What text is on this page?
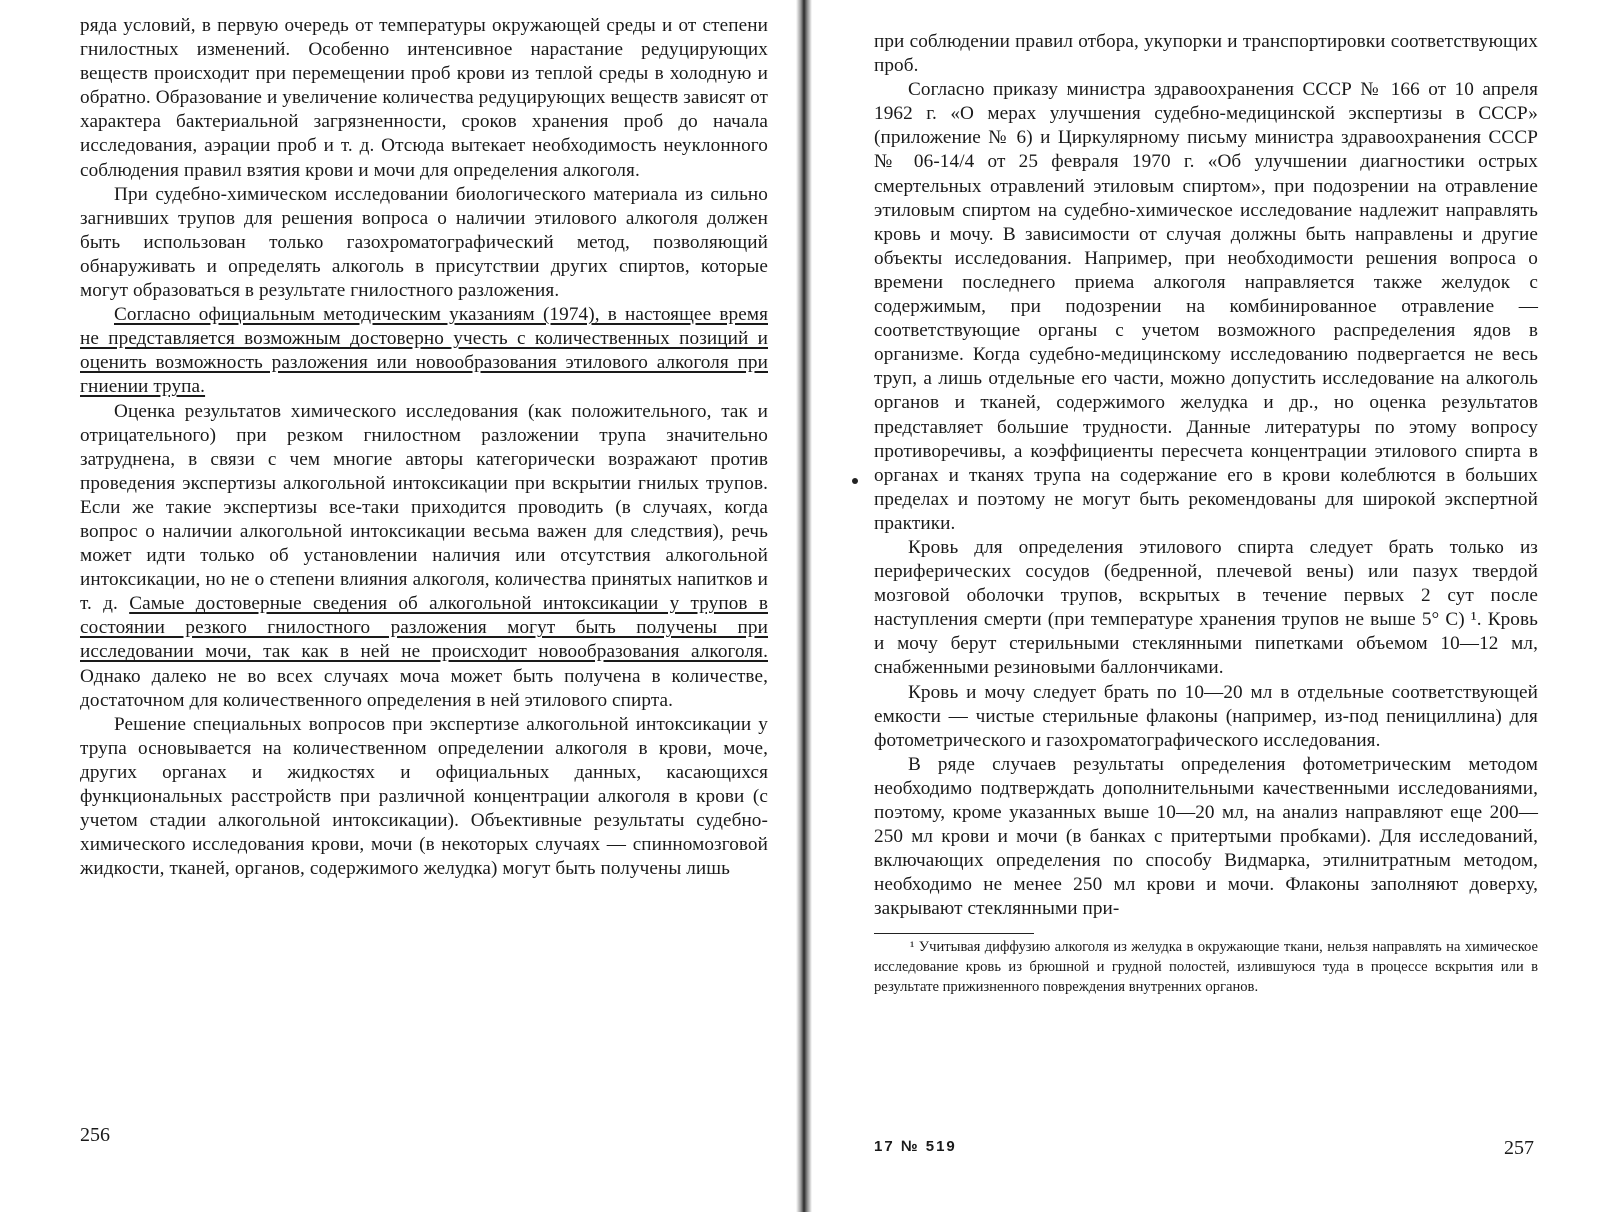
ряда условий, в первую очередь от температуры окружающей среды и от степени гнилостных изменений. Особенно интенсивное нарастание редуцирующих веществ происходит при перемещении проб крови из теплой среды в холодную и обратно. Образование и увеличение количества редуцирующих веществ зависят от характера бактериальной загрязненности, сроков хранения проб до начала исследования, аэрации проб и т. д. Отсюда вытекает необходимость неуклонного соблюдения правил взятия крови и мочи для определения алкоголя.

При судебно-химическом исследовании биологического материала из сильно загнивших трупов для решения вопроса о наличии этилового алкоголя должен быть использован только газохроматографический метод, позволяющий обнаруживать и определять алкоголь в присутствии других спиртов, которые могут образоваться в результате гнилостного разложения.

Согласно официальным методическим указаниям (1974), в настоящее время не представляется возможным достоверно учесть с количественных позиций и оценить возможность разложения или новообразования этилового алкоголя при гниении трупа.

Оценка результатов химического исследования (как положительного, так и отрицательного) при резком гнилостном разложении трупа значительно затруднена, в связи с чем многие авторы категорически возражают против проведения экспертизы алкогольной интоксикации при вскрытии гнилых трупов. Если же такие экспертизы все-таки приходится проводить (в случаях, когда вопрос о наличии алкогольной интоксикации весьма важен для следствия), речь может идти только об установлении наличия или отсутствия алкогольной интоксикации, но не о степени влияния алкоголя, количества принятых напитков и т. д. Самые достоверные сведения об алкогольной интоксикации у трупов в состоянии резкого гнилостного разложения могут быть получены при исследовании мочи, так как в ней не происходит новообразования алкоголя. Однако далеко не во всех случаях моча может быть получена в количестве, достаточном для количественного определения в ней этилового спирта.

Решение специальных вопросов при экспертизе алкогольной интоксикации у трупа основывается на количественном определении алкоголя в крови, моче, других органах и жидкостях и официальных данных, касающихся функциональных расстройств при различной концентрации алкоголя в крови (с учетом стадии алкогольной интоксикации). Объективные результаты судебно-химического исследования крови, мочи (в некоторых случаях — спинномозговой жидкости, тканей, органов, содержимого желудка) могут быть получены лишь

256

при соблюдении правил отбора, укупорки и транспортировки соответствующих проб.

Согласно приказу министра здравоохранения СССР № 166 от 10 апреля 1962 г. «О мерах улучшения судебно-медицинской экспертизы в СССР» (приложение № 6) и Циркулярному письму министра здравоохранения СССР № 06-14/4 от 25 февраля 1970 г. «Об улучшении диагностики острых смертельных отравлений этиловым спиртом», при подозрении на отравление этиловым спиртом на судебно-химическое исследование надлежит направлять кровь и мочу. В зависимости от случая должны быть направлены и другие объекты исследования. Например, при необходимости решения вопроса о времени последнего приема алкоголя направляется также желудок с содержимым, при подозрении на комбинированное отравление — соответствующие органы с учетом возможного распределения ядов в организме. Когда судебно-медицинскому исследованию подвергается не весь труп, а лишь отдельные его части, можно допустить исследование на алкоголь органов и тканей, содержимого желудка и др., но оценка результатов представляет большие трудности. Данные литературы по этому вопросу противоречивы, а коэффициенты пересчета концентрации этилового спирта в органах и тканях трупа на содержание его в крови колеблются в больших пределах и поэтому не могут быть рекомендованы для широкой экспертной практики.

Кровь для определения этилового спирта следует брать только из периферических сосудов (бедренной, плечевой вены) или пазух твердой мозговой оболочки трупов, вскрытых в течение первых 2 сут после наступления смерти (при температуре хранения трупов не выше 5° С) ¹. Кровь и мочу берут стерильными стеклянными пипетками объемом 10—12 мл, снабженными резиновыми баллончиками.

Кровь и мочу следует брать по 10—20 мл в отдельные соответствующей емкости — чистые стерильные флаконы (например, из-под пенициллина) для фотометрического и газохроматографического исследования.

В ряде случаев результаты определения фотометрическим методом необходимо подтверждать дополнительными качественными исследованиями, поэтому, кроме указанных выше 10—20 мл, на анализ направляют еще 200—250 мл крови и мочи (в банках с притертыми пробками). Для исследований, включающих определения по способу Видмарка, этилнитратным методом, необходимо не менее 250 мл крови и мочи. Флаконы заполняют доверху, закрывают стеклянными при-

¹ Учитывая диффузию алкоголя из желудка в окружающие ткани, нельзя направлять на химическое исследование кровь из брюшной и грудной полостей, излившуюся туда в процессе вскрытия или в результате прижизненного повреждения внутренних органов.

17 № 519	257
